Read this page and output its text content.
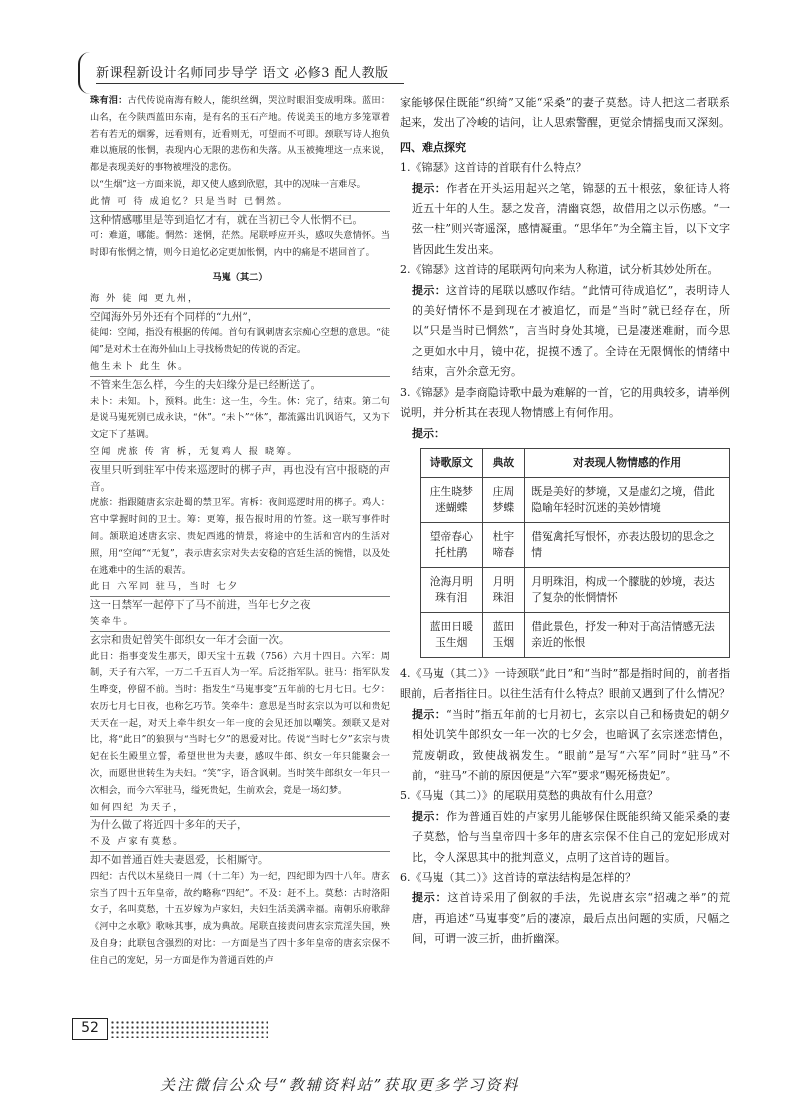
新课程新设计名师同步导学 语文 必修3 配人教版
珠有泪：古代传说南海有鲛人，能织丝绸，哭泣时眼泪变成明珠。蓝田：山名，在今陕西蓝田东南，是有名的玉石产地。传说美玉的地方多笼罩着若有若无的烟雾，远看则有，近看则无，可望而不可即。颈联写诗人抱负难以施展的怅惘，表现内心无限的悲伤和失落。从玉被掩埋这一点来说，都是表现美好的事物被埋没的悲伤。
以“生烟”这一方面来说，却又使人感到欣慰，其中的况味一言难尽。
此情 可 待 成追忆？只是当时 已惘然。
这种情感哪里是等到追忆才有，就在当初已令人怅惘不已。
可：难道，哪能。惘然：迷惘，茫然。尾联呼应开头，感叹失意情怀。当时即有怅惘之情，则今日追忆必定更加怅惘，内中的痛是不堪回首了。
马嵬（其二）
海 外 徒 闻 更九州，
空闻海外另外还有个同样的“九州”，
徒闻：空闻，指没有根据的传闻。首句有讽刺唐玄宗痴心空想的意思。“徒闻”是对术士在海外仙山上寻找杨贵妃的传说的否定。
他生未卜 此生 休。
不管来生怎么样，今生的夫妇缘分是已经断送了。
未卜：未知。卜，预料。此生：这一生，今生。休：完了，结束。第二句是说马嵬死别已成永诀，“休”。“未卜”“休”，都流露出讥讽语气，又为下文定下了基调。
空闻 虎旅 传 宵 柝，无复鸡人 报 晓筹。
夜里只听到驻军中传来巡逻时的梆子声，再也没有宫中报晓的声音。
虎旅：指跟随唐玄宗赴蜀的禁卫军。宵柝：夜间巡逻时用的梆子。鸡人：宫中掌握时间的卫士。筹：更筹，报告报时用的竹签。这一联写事件时间。颔联追述唐玄宗、贵妃西逃的情景，将途中的生活和宫内的生活对照，用“空闻”“无复”，表示唐玄宗对失去安稳的宫廷生活的惋惜，以及处在逃难中的生活的艰苦。
此日 六军同 驻马，当时 七夕
这一日禁军一起停下了马不前进，当年七夕之夜
笑牵牛。
玄宗和贵妃曾笑牛郎织女一年才会面一次。
此日：指事变发生那天，即天宝十五载（756）六月十四日。六军：周制，天子有六军，一万二千五百人为一军。后泛指军队。驻马：指军队发生哗变，停留不前。当时：指发生“马嵬事变”五年前的七月七日。七夕：农历七月七日夜，也称乞巧节。笑牵牛：意思是当时玄宗以为可以和贵妃天天在一起，对天上牵牛织女一年一度的会见还加以嘲笑。颈联又是对比，将“此日”的狼狈与“当时七夕”的恩爱对比。传说“当时七夕”玄宗与贵妃在长生殿里立誓，希望世世为夫妻，感叹牛郎、织女一年只能聚会一次，而愿世世转生为夫妇。“笑”字，语含讽刺。当时笑牛郎织女一年只一次相会，而今六军驻马，缢死贵妃，生前欢会，竟是一场幻梦。
如何四纪 为天子，
为什么做了将近四十多年的天子，
不及 卢家有莫愁。
却不如普通百姓夫妻恩爱，长相厮守。
四纪：古代以木星绕日一周（十二年）为一纪，四纪即为四十八年。唐玄宗当了四十五年皇帝，故约略称“四纪”。不及：赶不上。莫愁：古时洛阳女子，名叫莫愁，十五岁嫁为卢家妇，夫妇生活美满幸福。南朝乐府歌辞《河中之水歌》歌咏其事，成为典故。尾联直接责问唐玄宗荒淫失国，殃及自身；此联包含强烈的对比：一方面是当了四十多年皇帝的唐玄宗保不住自己的宠妃，另一方面是作为普通百姓的卢
家能够保住既能“织绮”又能“采桑”的妻子莫愁。诗人把这二者联系起来，发出了冷峻的诘问，让人思索警醒，更觉余情摇曳而又深刻。
四、难点探究
1.《锦瑟》这首诗的首联有什么特点？
提示：作者在开头运用起兴之笔，锦瑟的五十根弦，象征诗人将近五十年的人生。瑟之发音，清幽哀怨，故借用之以示伤感。“一弦一柱”则兴寄遥深，感情凝重。“思华年”为全篇主旨，以下文字皆因此生发出来。
2.《锦瑟》这首诗的尾联两句向来为人称道，试分析其妙处所在。
提示：这首诗的尾联以感叹作结。“此情可待成追忆”，表明诗人的美好情怀不是到现在才被追忆，而是“当时”就已经存在，所以“只是当时已惘然”，言当时身处其境，已是凄迷难耐，而今思之更如水中月，镜中花，捉摸不透了。全诗在无限惆怅的情绪中结束，言外余意无穷。
3.《锦瑟》是李商隐诗歌中最为难解的一首，它的用典较多，请举例说明，并分析其在表现人物情感上有何作用。
提示：
诗歌原文	典故	对表现人物情感的作用
庄生晓梦迷蝴蝶	庄周梦蝶	既是美好的梦境，又是虚幻之境，借此隐喻年轻时沉迷的美妙情境
望帝春心托杜鹃	杜宇啼春	借冤禽托写恨怀，亦表达殷切的思念之情
沧海月明珠有泪	月明珠泪	月明珠泪，构成一个朦胧的妙境，表达了复杂的怅惘情怀
蓝田日暖玉生烟	蓝田玉烟	借此景色，抒发一种对于高洁情感无法亲近的怅恨
4.《马嵬（其二）》一诗颈联“此日”和“当时”都是指时间的，前者指眼前，后者指往日。以往生活有什么特点？眼前又遇到了什么情况？
提示：“当时”指五年前的七月初七，玄宗以自己和杨贵妃的朝夕相处讥笑牛郎织女一年一次的七夕会，也暗讽了玄宗迷恋情色，荒废朝政，致使战祸发生。“眼前”是写“六军”同时“驻马”不前，“驻马”不前的原因便是“六军”要求“赐死杨贵妃”。
5.《马嵬（其二）》的尾联用莫愁的典故有什么用意？
提示：作为普通百姓的卢家男儿能够保住既能织绮又能采桑的妻子莫愁，恰与当皇帝四十多年的唐玄宗保不住自己的宠妃形成对比，令人深思其中的批判意义，点明了这首诗的题旨。
6.《马嵬（其二）》这首诗的章法结构是怎样的？
提示：这首诗采用了倒叙的手法，先说唐玄宗“招魂之举”的荒唐，再追述“马嵬事变”后的凄凉，最后点出问题的实质，尺幅之间，可谓一波三折，曲折幽深。
52
关注微信公众号“教辅资料站”获取更多学习资料
